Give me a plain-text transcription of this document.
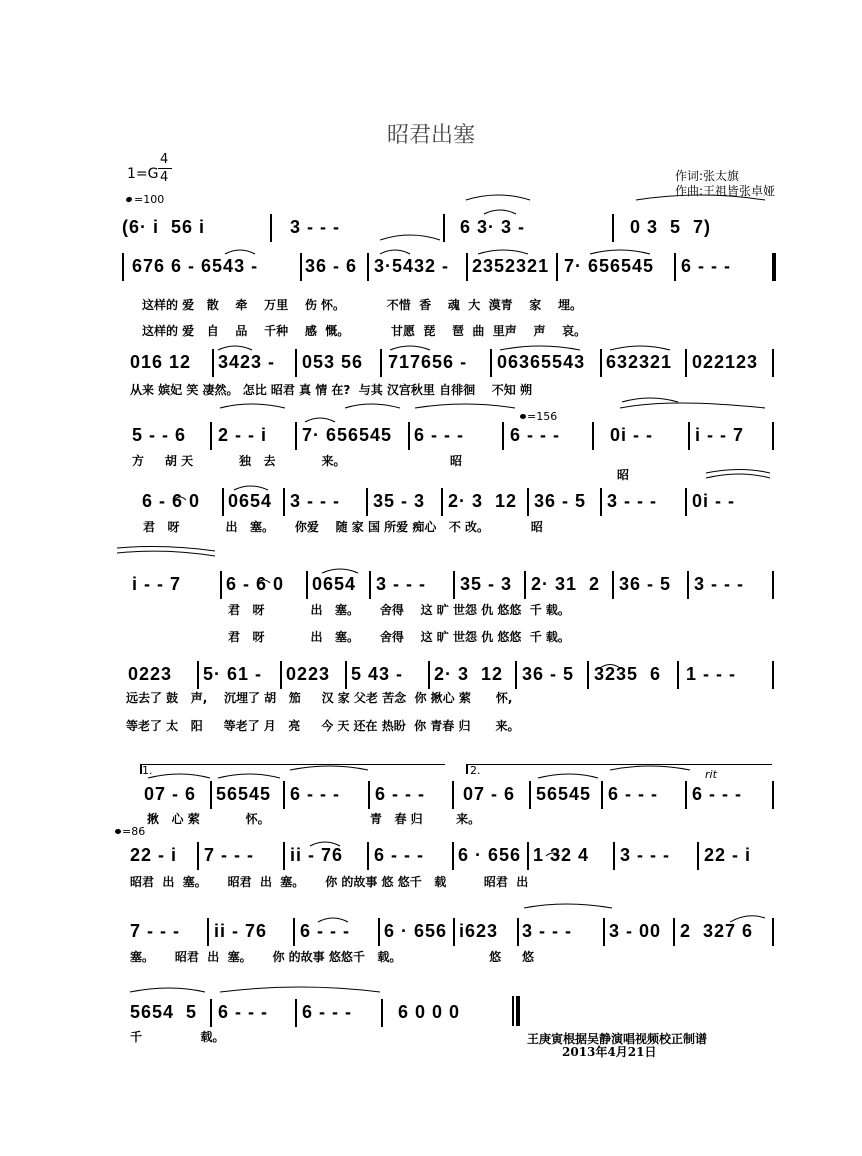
昭君出塞
1=G
4
4
=100
作词:张太旗
作曲:王祖皆张卓娅
(6· i  56 i	3 - - -	6 3· 3 -	0 3  5  7)
676 6 - 6543 -	36 - 6 3·5432 - 2352321 7· 656545 6 - - -
这样的 爱   散    牵    万里    伤 怀。          不惜  香    魂  大  漠青    家    埋。
这样的 爱   自    品    千种    感  慨。          甘愿  琵    琶  曲  里声    声    哀。
016 12 3423 - 053 56 717656 - 06365543 632321 022123
从来 嫔妃 笑 凄然。 怎比 昭君 真 情 在?  与其 汉宫秋里 自徘徊    不知 朔
5 - - 6 2 - - i 7· 656545 6 - - -	6 - - -
=156
0i - - i - - 7
方     胡 天           独   去           来。                         昭
昭
6 - 6 0 0654 3 - - - 35 - 3 2· 3  12 36 - 5 3 - - - 0i - -
君   呀           出   塞。     你爱    随 家 国 所爱 痴心   不 改。          昭
i - - 7 6 - 6 0 0654 3 - - - 35 - 3 2· 31  2 36 - 5 3 - - -
君   呀           出   塞。     舍得    这 旷 世怨 仇 悠悠  千 载。
君   呀           出   塞。     舍得    这 旷 世怨 仇 悠悠  千 载。
0223 5· 61 - 0223 5 43 - 2· 3  12 36 - 5 3235  6 1 - - -
远去了 鼓   声,    沉埋了 胡   笳     汉 家 父老 苦念  你 揪心 萦      怀,
等老了 太   阳     等老了 月   亮     今 天 还在 热盼  你 青春 归      来。
1.	2.	rit
07 - 6 56545 6 - - - 6 - - - 07 - 6 56545 6 - - - 6 - - -
揪   心 萦           怀。                        青   春 归        来。
=86
22 - i 7 - - - ii - 76 6 - - - 6 · 656 1 32 4 3 - - - 22 - i
昭君  出  塞。     昭君  出  塞。     你 的故事 悠 悠千   载         昭君  出
7 - - - ii - 76 6 - - - 6 · 656 i623 3 - - - 3 - 00 2  327 6
塞。     昭君  出  塞。     你 的故事 悠悠千   载。                     悠     悠
5654  5 6 - - - 6 - - -	6 0 0 0
千              载。	王庚寅根据吴静演唱视频校正制谱
2013年4月21日
